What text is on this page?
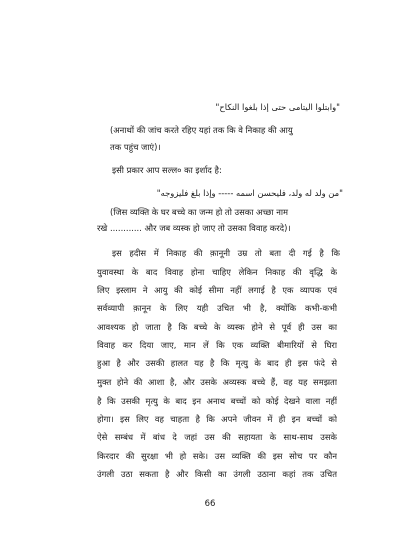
"وابتلوا اليتامى حتى إذا بلغوا النكاح"
(अनाथों की जांच करते रहिए यहां तक कि वे निकाह की आयु
तक पहुंच जाएं)।
इसी प्रकार आप सल्ल० का इर्शाद है:
"من ولد له ولد، فليحسن اسمه ----- وإذا بلغ فليزوجه"
(जिस व्यक्ति के घर बच्चे का जन्म हो तो उसका अच्छा नाम
रखे ............ और जब व्यस्क हो जाए तो उसका विवाह करदे)।
इस हदीस में निकाह की क़ानूनी उम्र तो बता दी गई है कि
युवावस्था के बाद विवाह होना चाहिए लेकिन निकाह की वृद्धि के
लिए इस्लाम ने आयु की कोई सीमा नहीं लगाई है एक व्यापक एवं
सर्वव्यापी क़ानून के लिए यही उचित भी है, क्योंकि कभी-कभी
आवश्यक हो जाता है कि बच्चे के व्यस्क होने से पूर्व ही उस का
विवाह कर दिया जाए, मान लें कि एक व्यक्ति बीमारियों से घिरा
हुआ है और उसकी हालत यह है कि मृत्यु के बाद ही इस फंदे से
मुक्त होने की आशा है, और उसके अव्यस्क बच्चे हैं, वह यह समझता
है कि उसकी मृत्यु के बाद इन अनाथ बच्चों को कोई देखने वाला नहीं
होगा। इस लिए वह चाहता है कि अपने जीवन में ही इन बच्चों को
ऐसे सम्बंध में बांध दे जहां उस की सहायता के साथ-साथ उसके
किरदार की सुरक्षा भी हो सके। उस व्यक्ति की इस सोच पर कौन
उंगली उठा सकता है और किसी का उंगली उठाना कहां तक उचित
66
